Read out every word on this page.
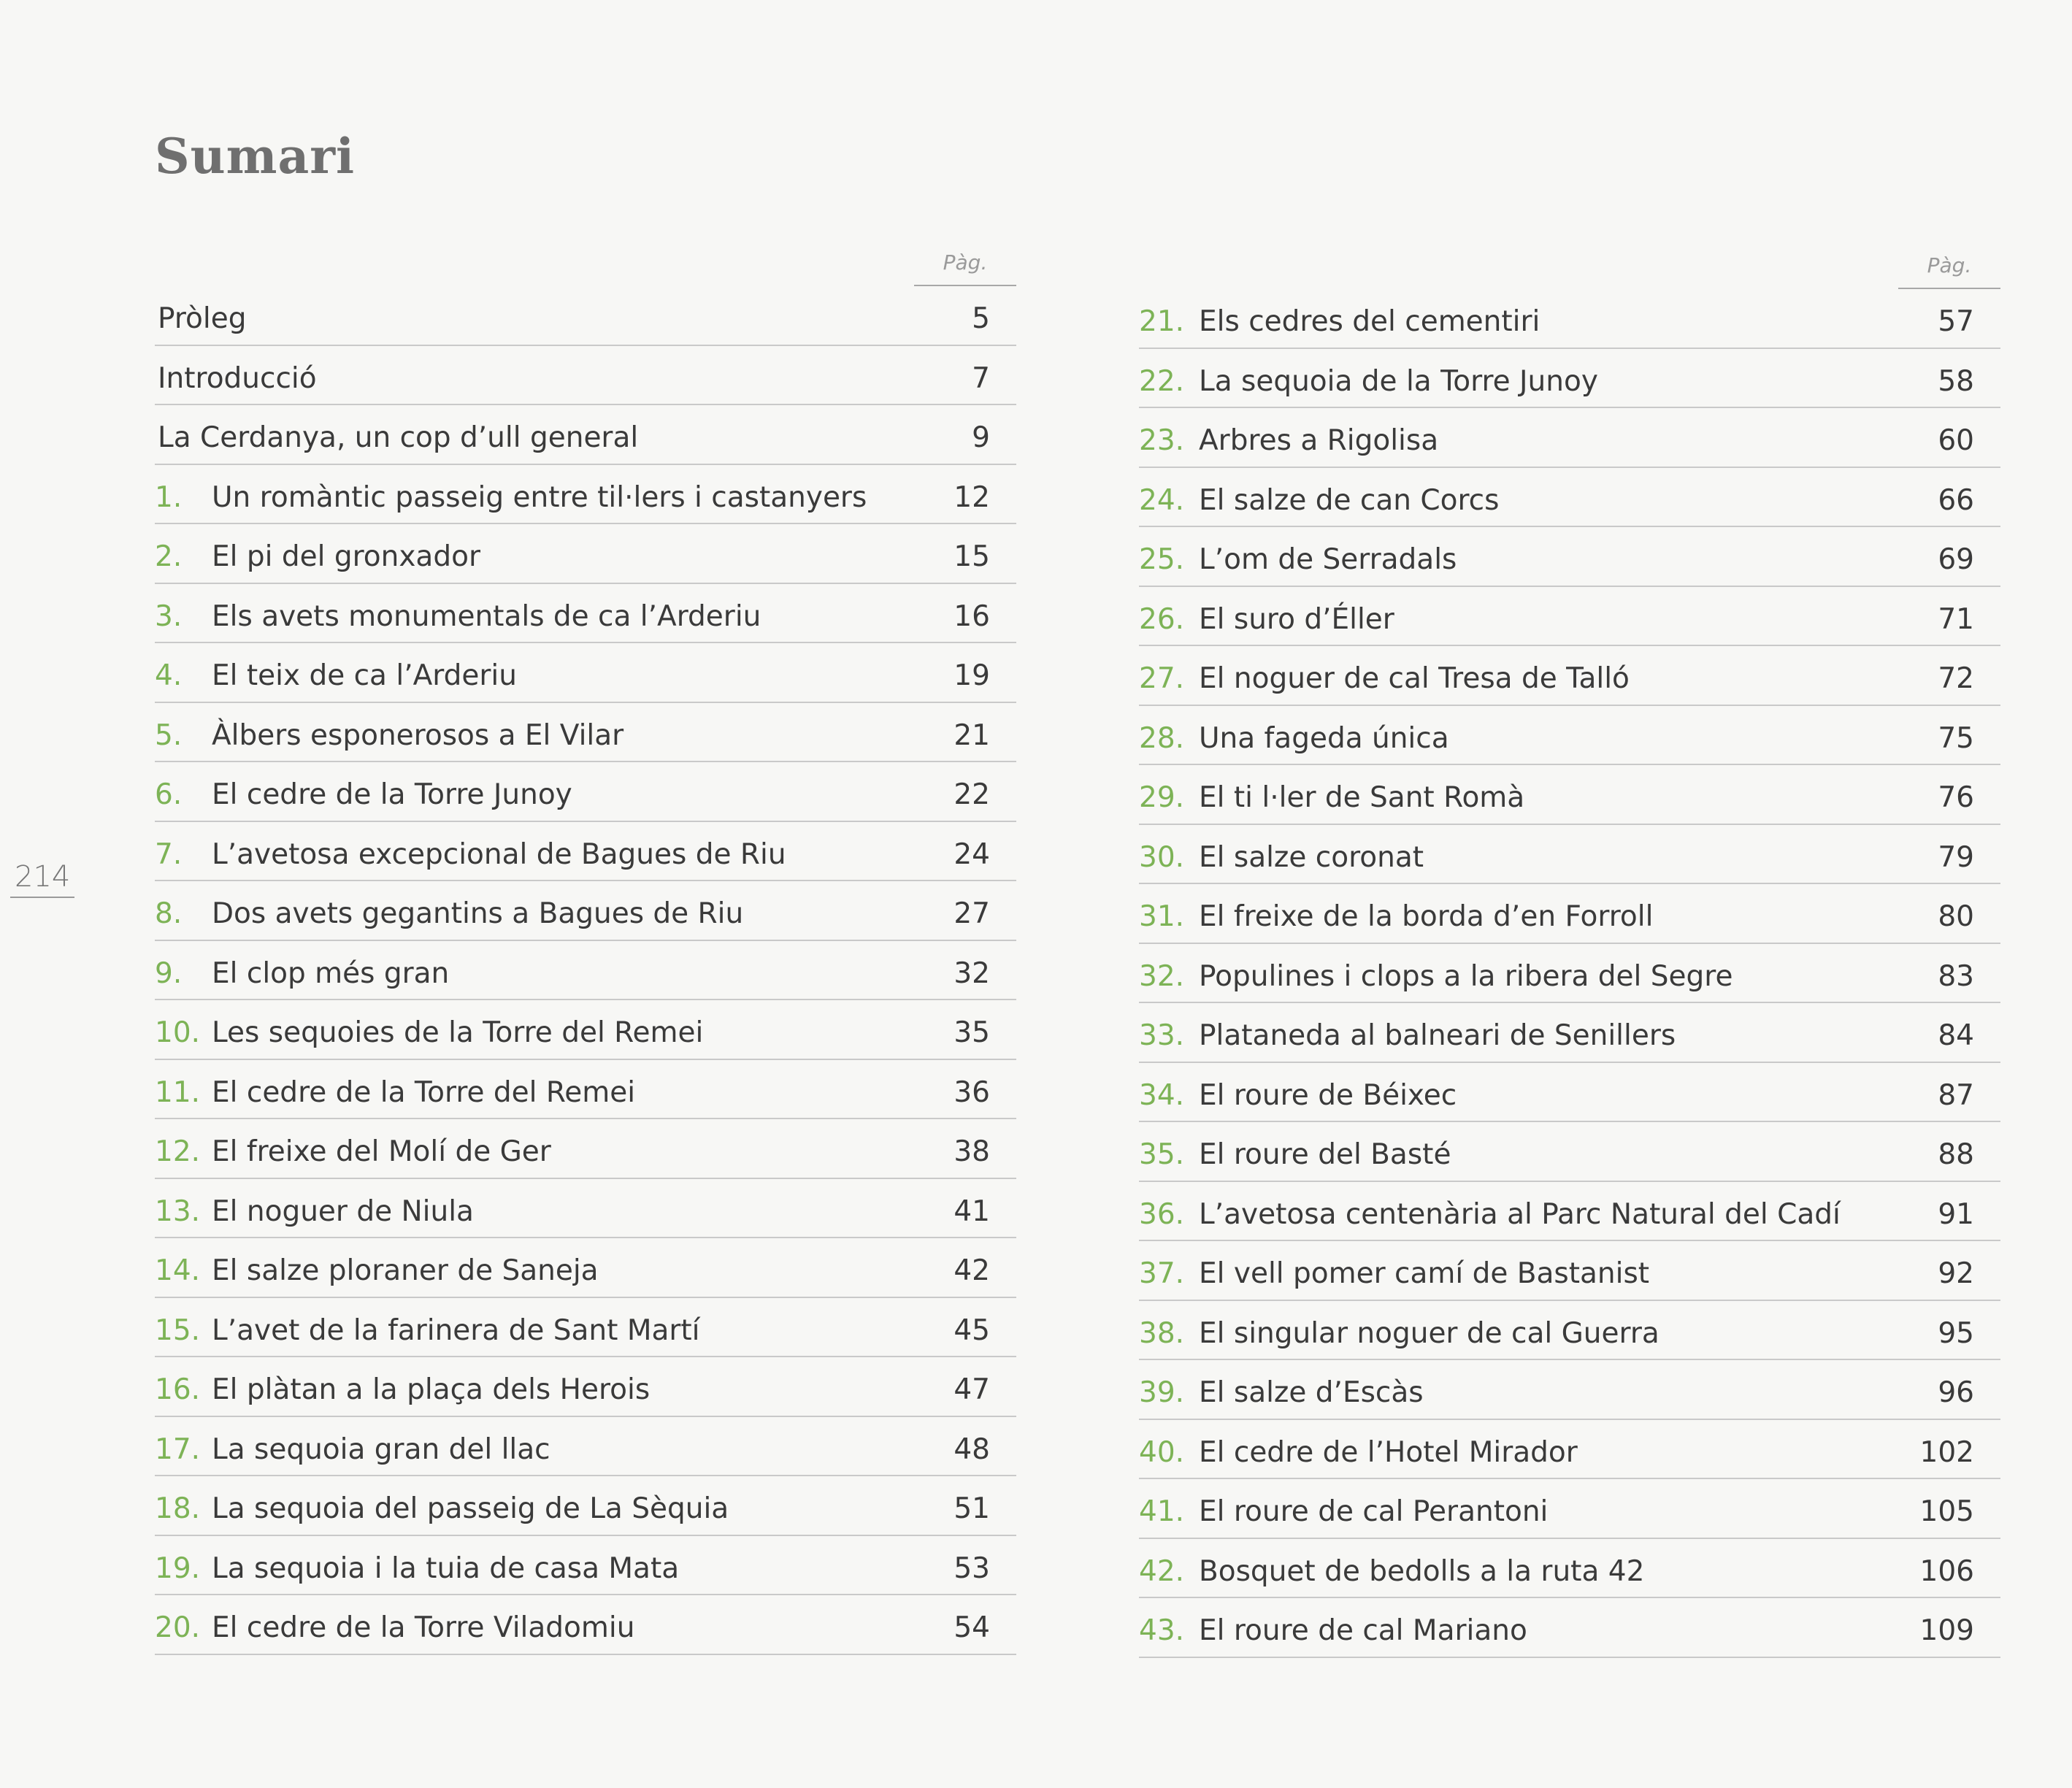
Sumari
214
Pàg.
Pròleg	5
Introducció	7
La Cerdanya, un cop d’ull general	9
1.	Un romàntic passeig entre til·lers i castanyers	12
2.	El pi del gronxador	15
3.	Els avets monumentals de ca l’Arderiu	16
4.	El teix de ca l’Arderiu	19
5.	Àlbers esponerosos a El Vilar	21
6.	El cedre de la Torre Junoy	22
7.	L’avetosa excepcional de Bagues de Riu	24
8.	Dos avets gegantins a Bagues de Riu	27
9.	El clop més gran	32
10. Les sequoies de la Torre del Remei	35
11. El cedre de la Torre del Remei	36
12. El freixe del Molí de Ger	38
13. El noguer de Niula	41
14. El salze ploraner de Saneja	42
15. L’avet de la farinera de Sant Martí	45
16. El plàtan a la plaça dels Herois	47
17. La sequoia gran del llac	48
18. La sequoia del passeig de La Sèquia	51
19. La sequoia i la tuia de casa Mata	53
20. El cedre de la Torre Viladomiu	54
Pàg.
21. Els cedres del cementiri	57
22. La sequoia de la Torre Junoy	58
23. Arbres a Rigolisa	60
24. El salze de can Corcs	66
25. L’om de Serradals	69
26. El suro d’Éller	71
27. El noguer de cal Tresa de Talló	72
28. Una fageda única	75
29. El ti l·ler de Sant Romà	76
30. El salze coronat	79
31. El freixe de la borda d’en Forroll	80
32. Populines i clops a la ribera del Segre	83
33. Plataneda al balneari de Senillers	84
34. El roure de Béixec	87
35. El roure del Basté	88
36. L’avetosa centenària al Parc Natural del Cadí	91
37. El vell pomer camí de Bastanist	92
38. El singular noguer de cal Guerra	95
39. El salze d’Escàs	96
40. El cedre de l’Hotel Mirador	102
41. El roure de cal Perantoni	105
42. Bosquet de bedolls a la ruta 42	106
43. El roure de cal Mariano	109
